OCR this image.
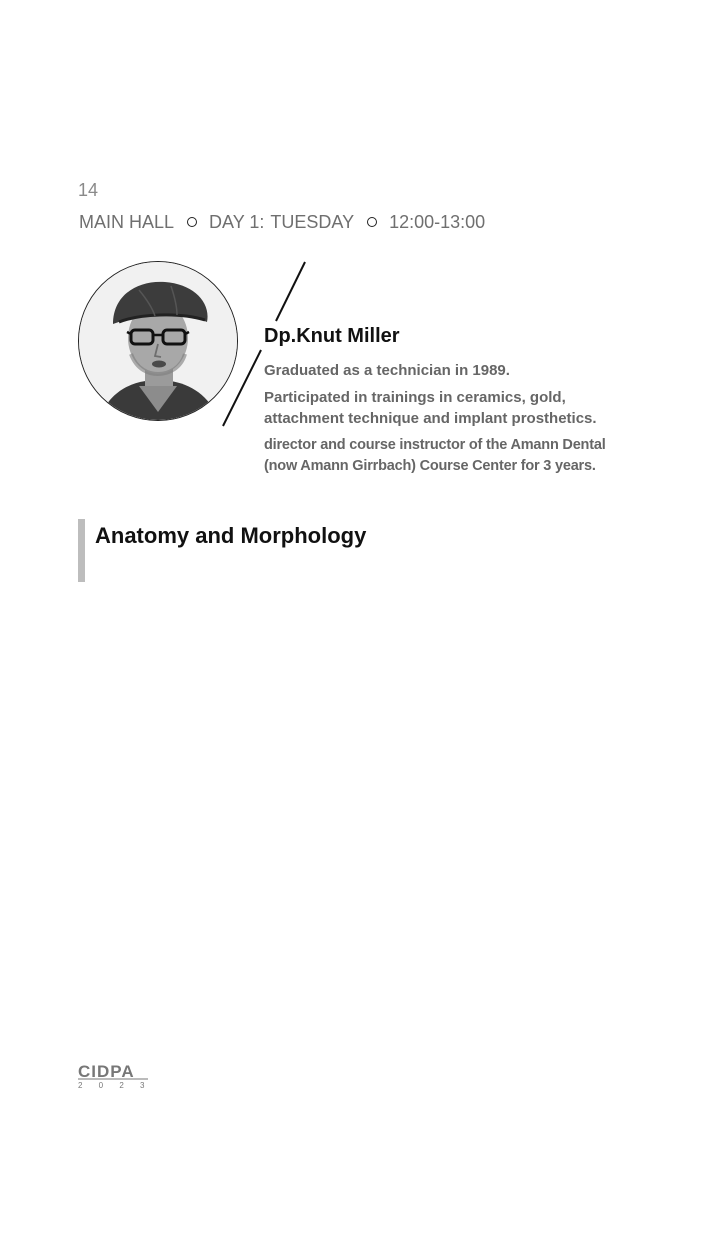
14
MAIN HALL DAY 1: TUESDAY 12:00-13:00
Dp.Knut Miller

Graduated as a technician in 1989.

Participated in trainings in ceramics, gold, attachment technique and implant prosthetics.

director and course instructor of the Amann Dental (now Amann Girrbach) Course Center for 3 years.

Anatomy and Morphology
CIDPA
2 0 2 3
